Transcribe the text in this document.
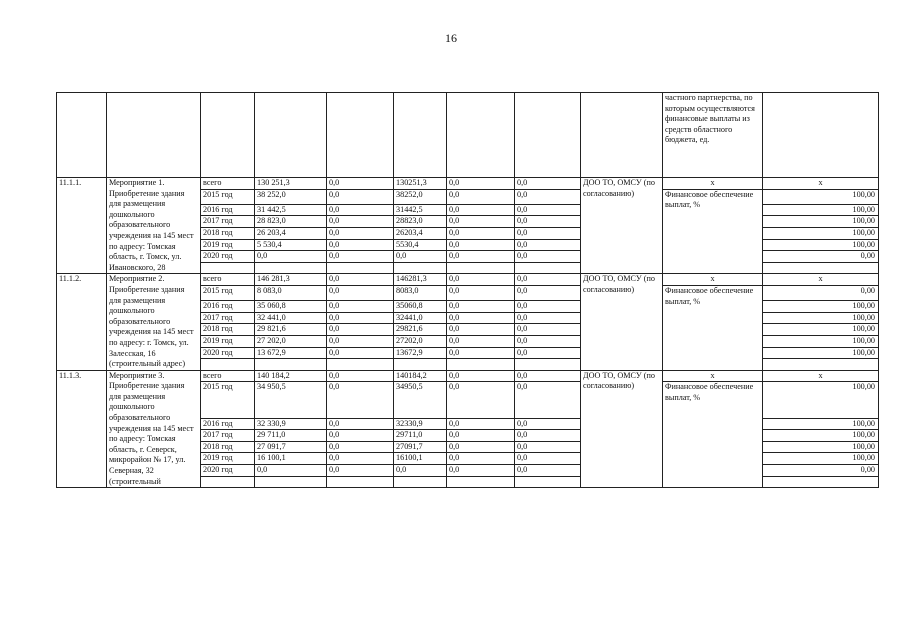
16
									частного партнерства, по которым осуществляются финансовые выплаты из средств областного бюджета, ед.		
11.1.1.	Мероприятие 1. Приобретение здания для размещения дошкольного образовательного учреждения на 145 мест по адресу: Томская область, г. Томск, ул. Ивановского, 28	всего	130 251,3	0,0	130251,3	0,0	0,0	ДОО ТО, ОМСУ (по согласованию)	x	x	
		2015 год	38 252,0	0,0	38252,0	0,0	0,0		Финансовое обеспечение выплат, %	100,00	
		2016 год	31 442,5	0,0	31442,5	0,0	0,0			100,00	
		2017 год	28 823,0	0,0	28823,0	0,0	0,0			100,00	
		2018 год	26 203,4	0,0	26203,4	0,0	0,0			100,00	
		2019 год	5 530,4	0,0	5530,4	0,0	0,0			100,00	
		2020 год	0,0	0,0	0,0	0,0	0,0			0,00	

11.1.2.	Мероприятие 2. Приобретение здания для размещения дошкольного образовательного учреждения на 145 мест по адресу: г. Томск, ул. Залесская, 16 (строительный адрес)	всего	146 281,3	0,0	146281,3	0,0	0,0	ДОО ТО, ОМСУ (по согласованию)	x	x	
		2015 год	8 083,0	0,0	8083,0	0,0	0,0		Финансовое обеспечение выплат, %	0,00	
		2016 год	35 060,8	0,0	35060,8	0,0	0,0			100,00	
		2017 год	32 441,0	0,0	32441,0	0,0	0,0			100,00	
		2018 год	29 821,6	0,0	29821,6	0,0	0,0			100,00	
		2019 год	27 202,0	0,0	27202,0	0,0	0,0			100,00	
		2020 год	13 672,9	0,0	13672,9	0,0	0,0			100,00	

11.1.3.	Мероприятие 3. Приобретение здания для размещения дошкольного образовательного учреждения на 145 мест по адресу: Томская область, г. Северск, микрорайон № 17, ул. Северная, 32 (строительный	всего	140 184,2	0,0	140184,2	0,0	0,0	ДОО ТО, ОМСУ (по согласованию)	x	x	
		2015 год	34 950,5	0,0	34950,5	0,0	0,0		Финансовое обеспечение выплат, %	100,00	
		2016 год	32 330,9	0,0	32330,9	0,0	0,0			100,00	
		2017 год	29 711,0	0,0	29711,0	0,0	0,0			100,00	
		2018 год	27 091,7	0,0	27091,7	0,0	0,0			100,00	
		2019 год	16 100,1	0,0	16100,1	0,0	0,0			100,00	
		2020 год	0,0	0,0	0,0	0,0	0,0			0,00	
